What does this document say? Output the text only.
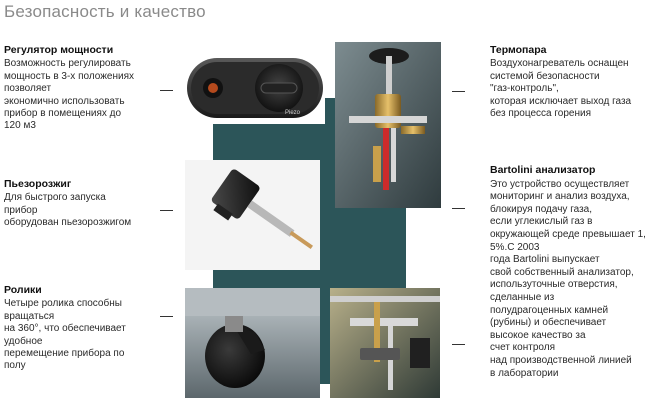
Безопасность и качество
Piezo
Регулятор мощности

Возможность регулировать

мощность в 3-х положениях

позволяет

экономично использовать

прибор в помещениях до

120 м3

Пьезорозжиг

Для быстрого запуска

прибор

оборудован пьезорозжигом

Ролики

Четыре ролика способны

вращаться

на 360°, что обеспечивает

удобное

перемещение прибора по

полу

Термопара

Воздухонагреватель оснащен

системой безопасности

"газ-контроль",

которая исключает выход газа

без процесса горения

Bartolini анализатор

Это устройство осуществляет

мониторинг и анализ воздуха,

блокируя подачу газа,

если углекислый газ в

окружающей среде превышает 1,

5%.С 2003

года Bartolini выпускает

свой собственный анализатор,

используточные отверстия,

сделанные из

полудрагоценных камней

(рубины) и обеспечивает

высокое качество за

счет контроля

над производственной линией

в лаборатории

Opechi.com
